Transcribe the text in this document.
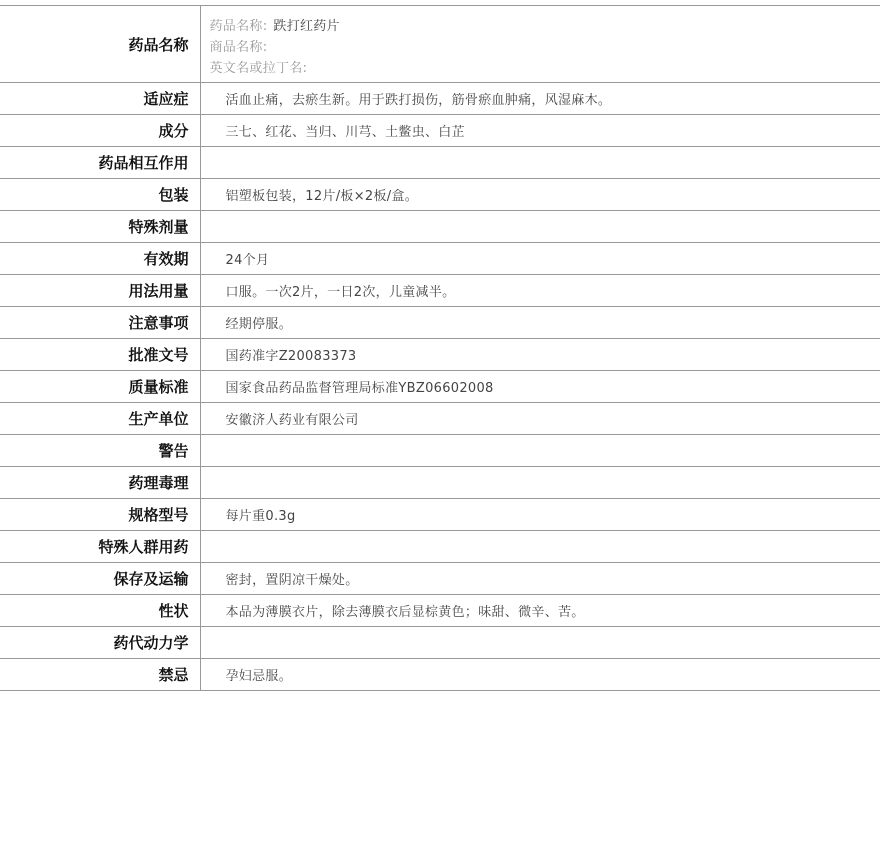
药品名称	药品名称: 跌打红药片
商品名称:
英文名或拉丁名:

适应症	活血止痛，去瘀生新。用于跌打损伤，筋骨瘀血肿痛，风湿麻木。
成分	三七、红花、当归、川芎、土鳖虫、白芷
药品相互作用	
包装	铝塑板包装，12片/板×2板/盒。
特殊剂量	
有效期	24个月
用法用量	口服。一次2片，一日2次，儿童减半。
注意事项	经期停服。
批准文号	国药准字Z20083373
质量标准	国家食品药品监督管理局标准YBZ06602008
生产单位	安徽济人药业有限公司
警告	
药理毒理	
规格型号	每片重0.3g
特殊人群用药	
保存及运输	密封，置阴凉干燥处。
性状	本品为薄膜衣片，除去薄膜衣后显棕黄色；味甜、微辛、苦。
药代动力学	
禁忌	孕妇忌服。
